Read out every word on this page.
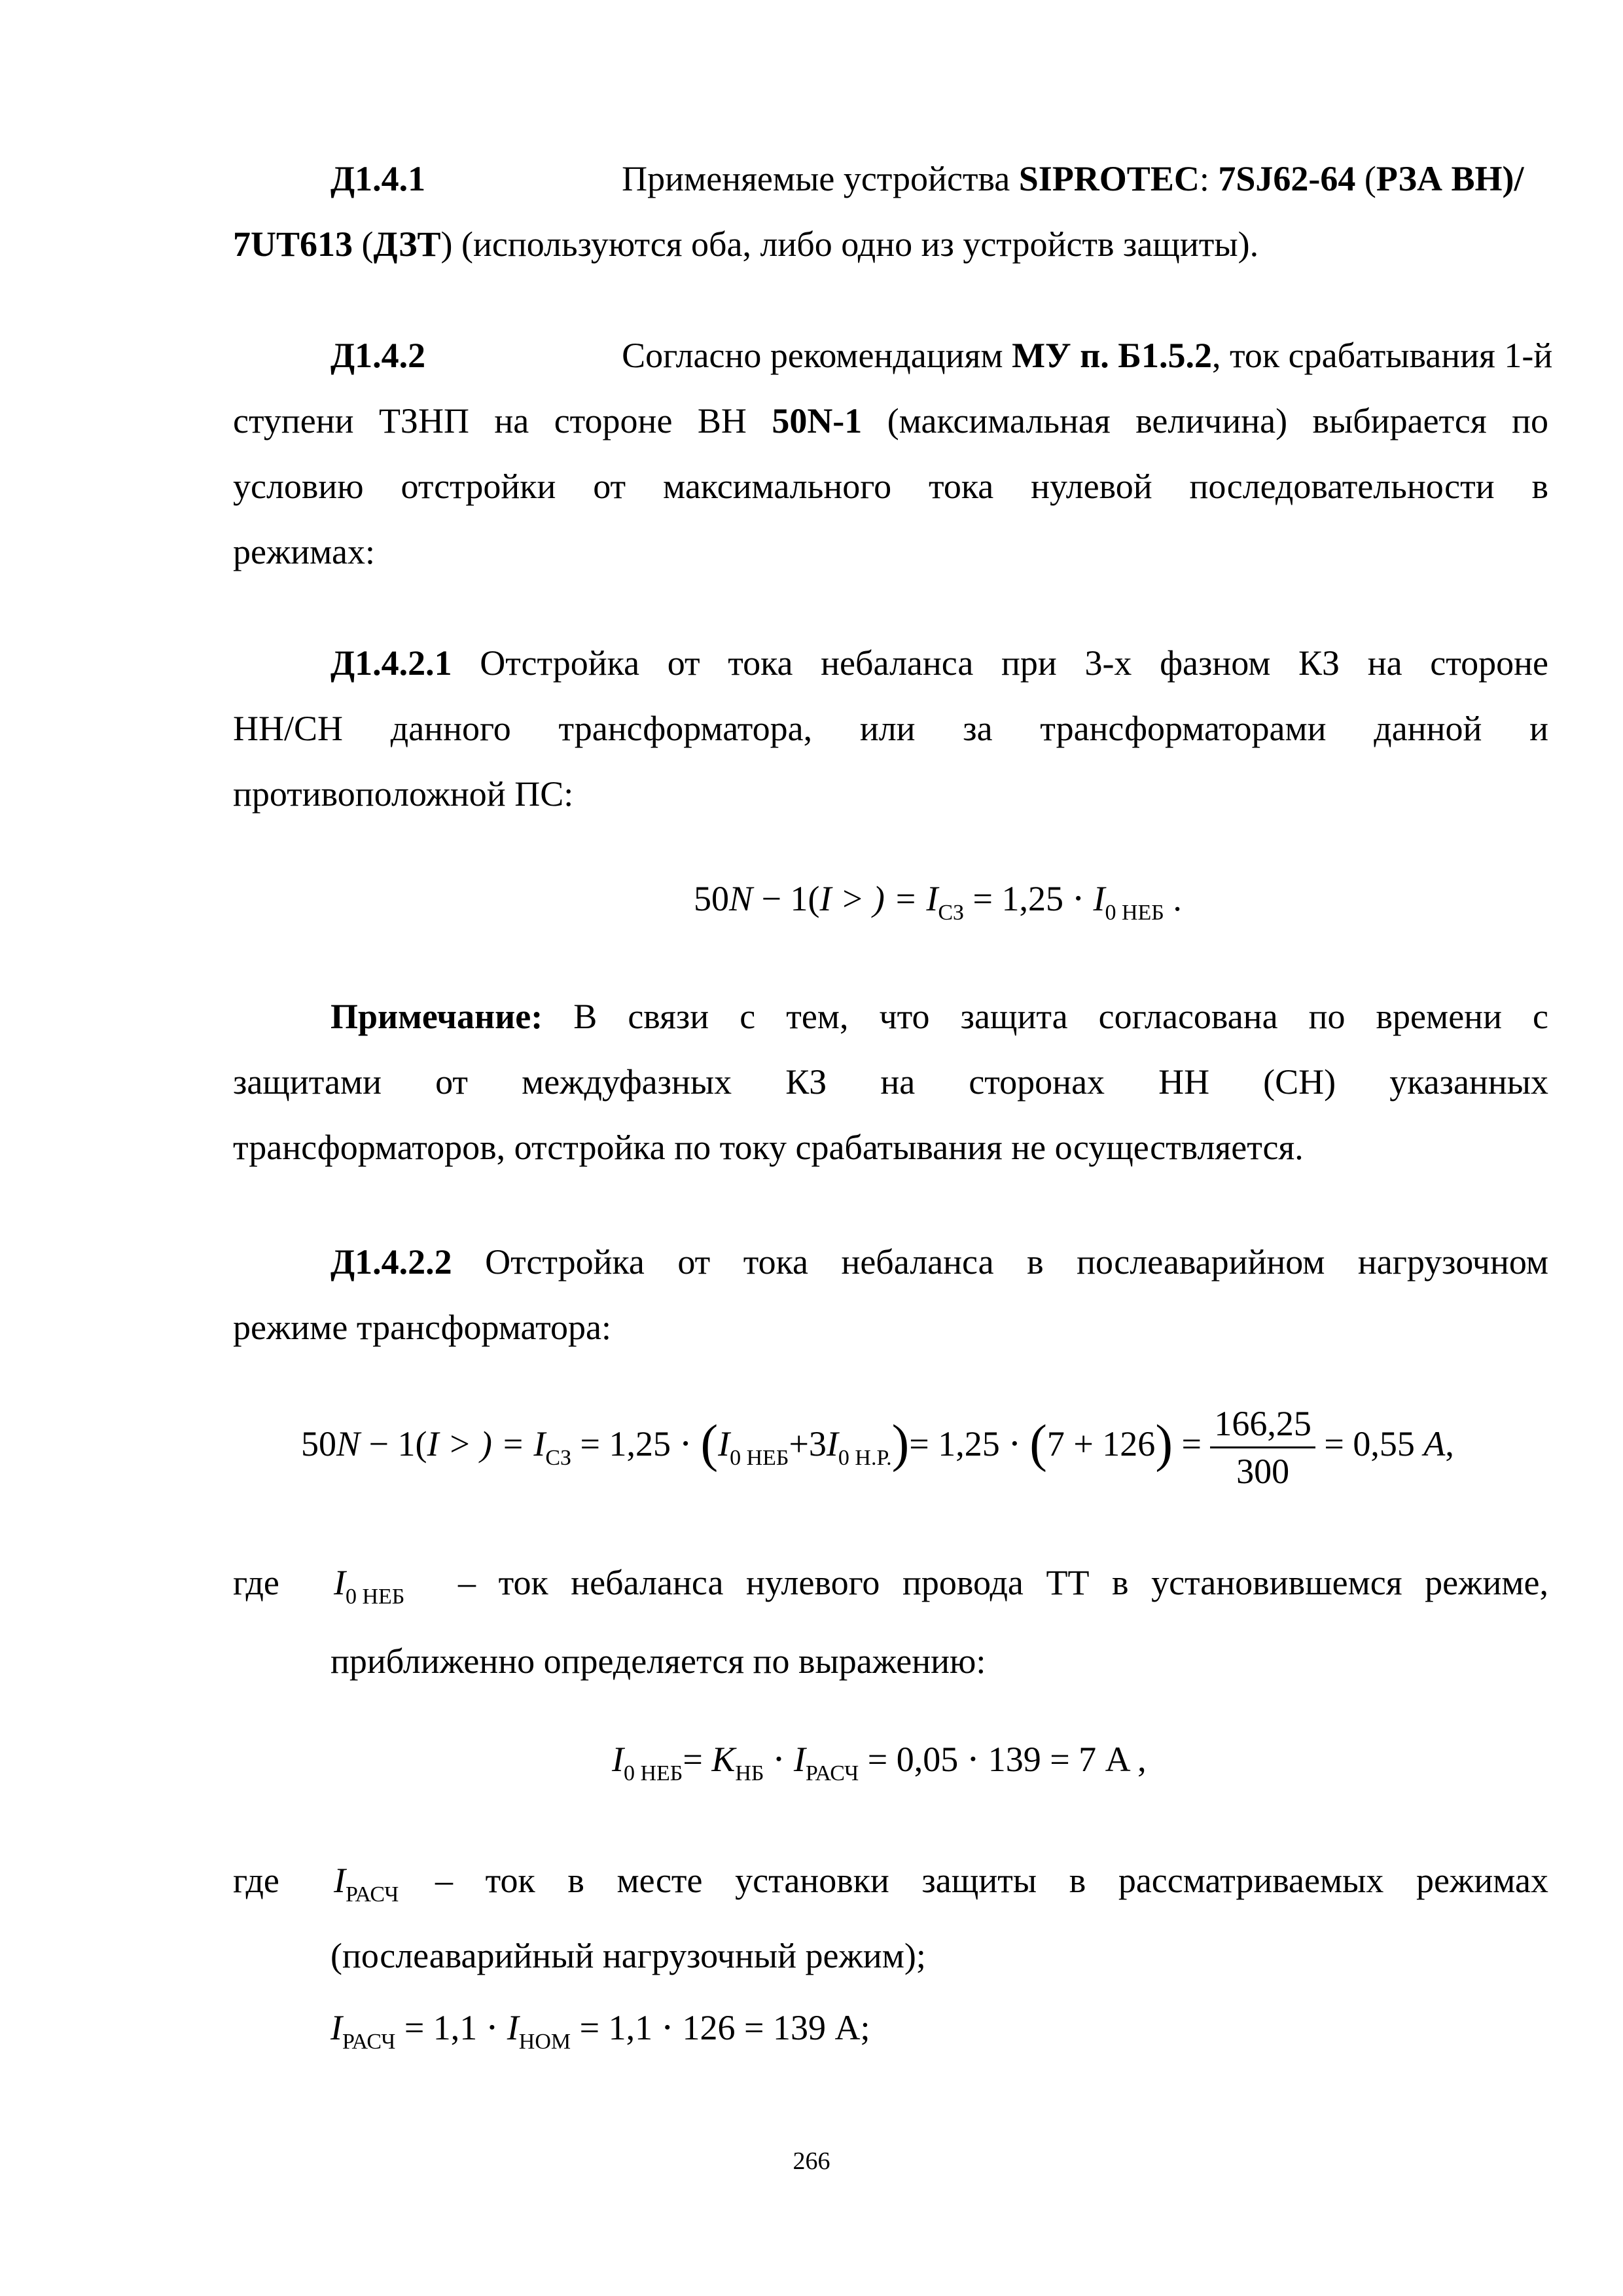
Д1.4.1	Применяемые устройства SIPROTEC: 7SJ62-64 (РЗА ВН)/
7UT613 (ДЗТ) (используются оба, либо одно из устройств защиты).
Д1.4.2	Согласно рекомендациям МУ п. Б1.5.2, ток срабатывания 1-й
ступени ТЗНП на стороне ВН 50N-1 (максимальная величина) выбирается по
условию отстройки от максимального тока нулевой последовательности в
режимах:
Д1.4.2.1 Отстройка от тока небаланса при 3-х фазном КЗ на стороне
НН/СН данного трансформатора, или за трансформаторами данной и
противоположной ПС:
50N − 1(I > ) = $I_{СЗ} = 1,25 \cdot I_{0 НЕБ}$ .
Примечание: В связи с тем, что защита согласована по времени с
защитами от междуфазных КЗ на сторонах НН (СН) указанных
трансформаторов, отстройка по току срабатывания не осуществляется.
Д1.4.2.2 Отстройка от тока небаланса в послеаварийном нагрузочном
режиме трансформатора:
50N − 1(I > ) = $I_{СЗ} = 1,25 \cdot (I_{0 НЕБ}+3I_{0 Н.Р.})= 1,25 \cdot (7 + 126) = \frac{166,25}{300} = 0,55$ A,
где	$I_{0 НЕБ}$	– ток небаланса нулевого провода ТТ в установившемся режиме,
приближенно определяется по выражению:
$I_{0 НЕБ}= K_{НБ} \cdot I_{РАСЧ} = 0,05 \cdot 139 = 7$ A ,
где	$I_{РАСЧ}$	– ток в месте установки защиты в рассматриваемых режимах
(послеаварийный нагрузочный режим);
$I_{РАСЧ} = 1,1 \cdot I_{НОМ} = 1,1 \cdot 126 = 139$ А;
266
